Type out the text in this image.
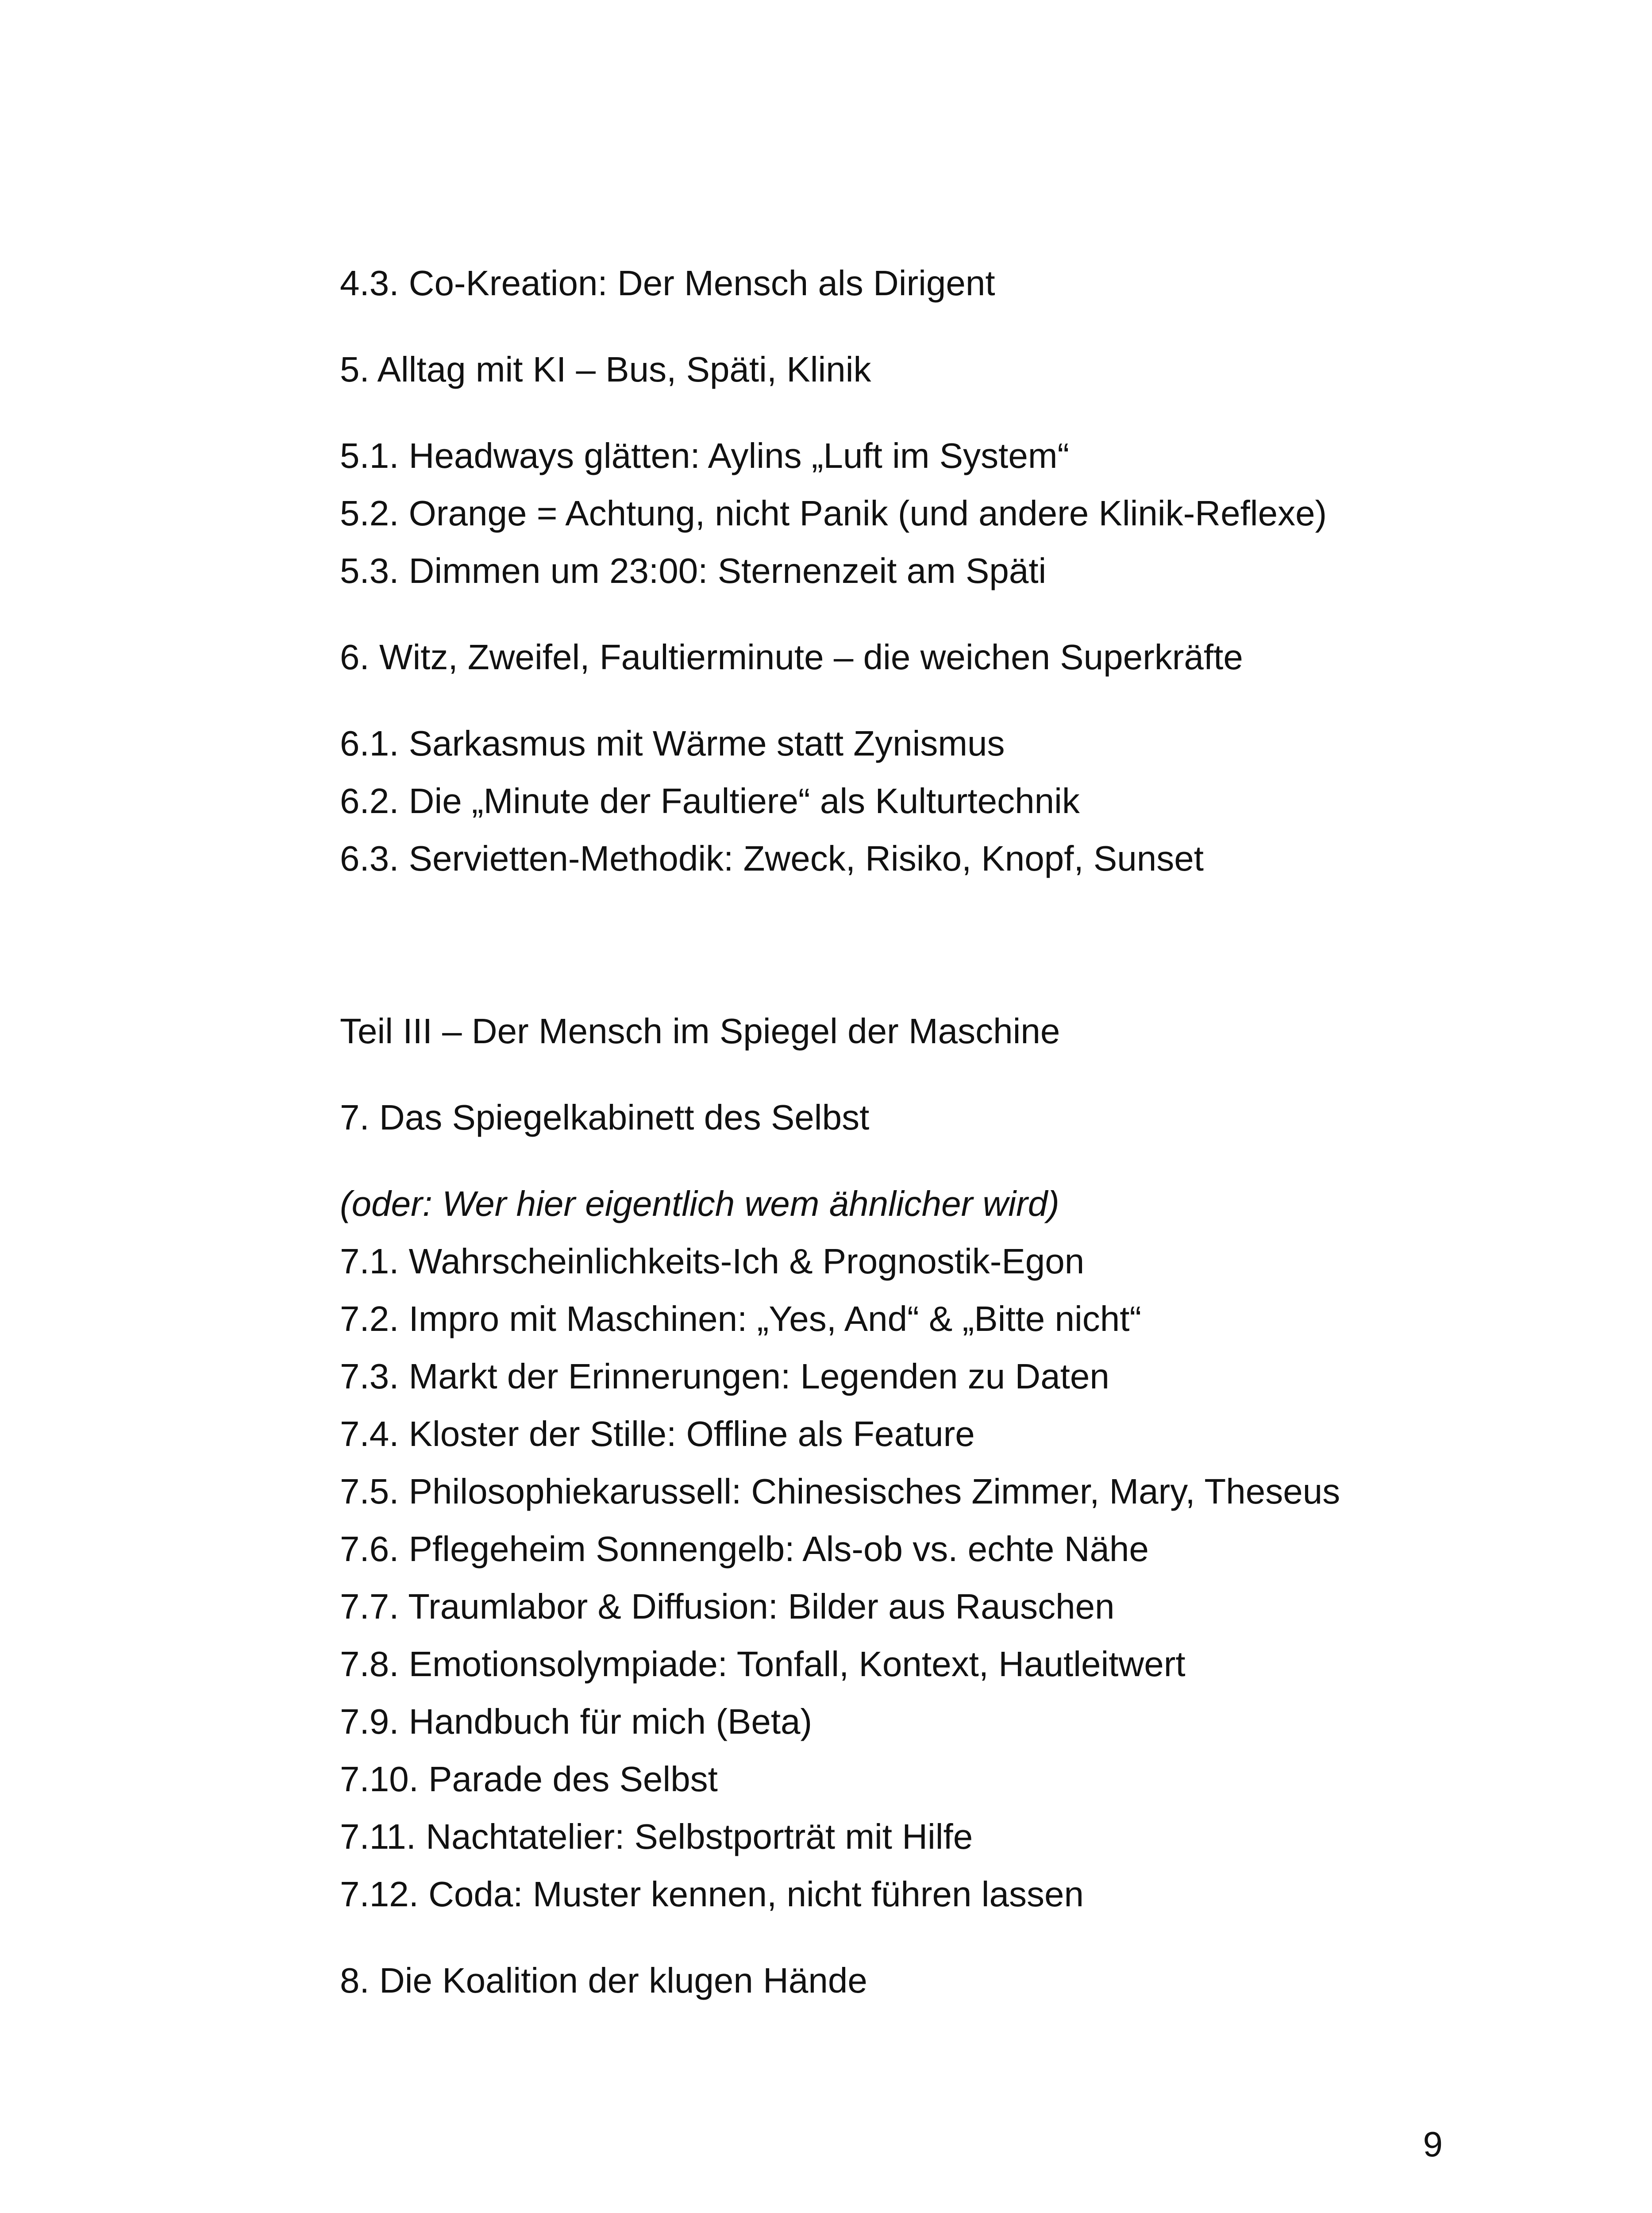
4.3. Co-Kreation: Der Mensch als Dirigent
5. Alltag mit KI – Bus, Späti, Klinik
5.1. Headways glätten: Aylins „Luft im System“
5.2. Orange = Achtung, nicht Panik (und andere Klinik-Reflexe)
5.3. Dimmen um 23:00: Sternenzeit am Späti
6. Witz, Zweifel, Faultierminute – die weichen Superkräfte
6.1. Sarkasmus mit Wärme statt Zynismus
6.2. Die „Minute der Faultiere“ als Kulturtechnik
6.3. Servietten-Methodik: Zweck, Risiko, Knopf, Sunset
Teil III – Der Mensch im Spiegel der Maschine
7. Das Spiegelkabinett des Selbst
(oder: Wer hier eigentlich wem ähnlicher wird)
7.1. Wahrscheinlichkeits-Ich & Prognostik-Egon
7.2. Impro mit Maschinen: „Yes, And“ & „Bitte nicht“
7.3. Markt der Erinnerungen: Legenden zu Daten
7.4. Kloster der Stille: Offline als Feature
7.5. Philosophiekarussell: Chinesisches Zimmer, Mary, Theseus
7.6. Pflegeheim Sonnengelb: Als-ob vs. echte Nähe
7.7. Traumlabor & Diffusion: Bilder aus Rauschen
7.8. Emotionsolympiade: Tonfall, Kontext, Hautleitwert
7.9. Handbuch für mich (Beta)
7.10. Parade des Selbst
7.11. Nachtatelier: Selbstporträt mit Hilfe
7.12. Coda: Muster kennen, nicht führen lassen
8. Die Koalition der klugen Hände
9
